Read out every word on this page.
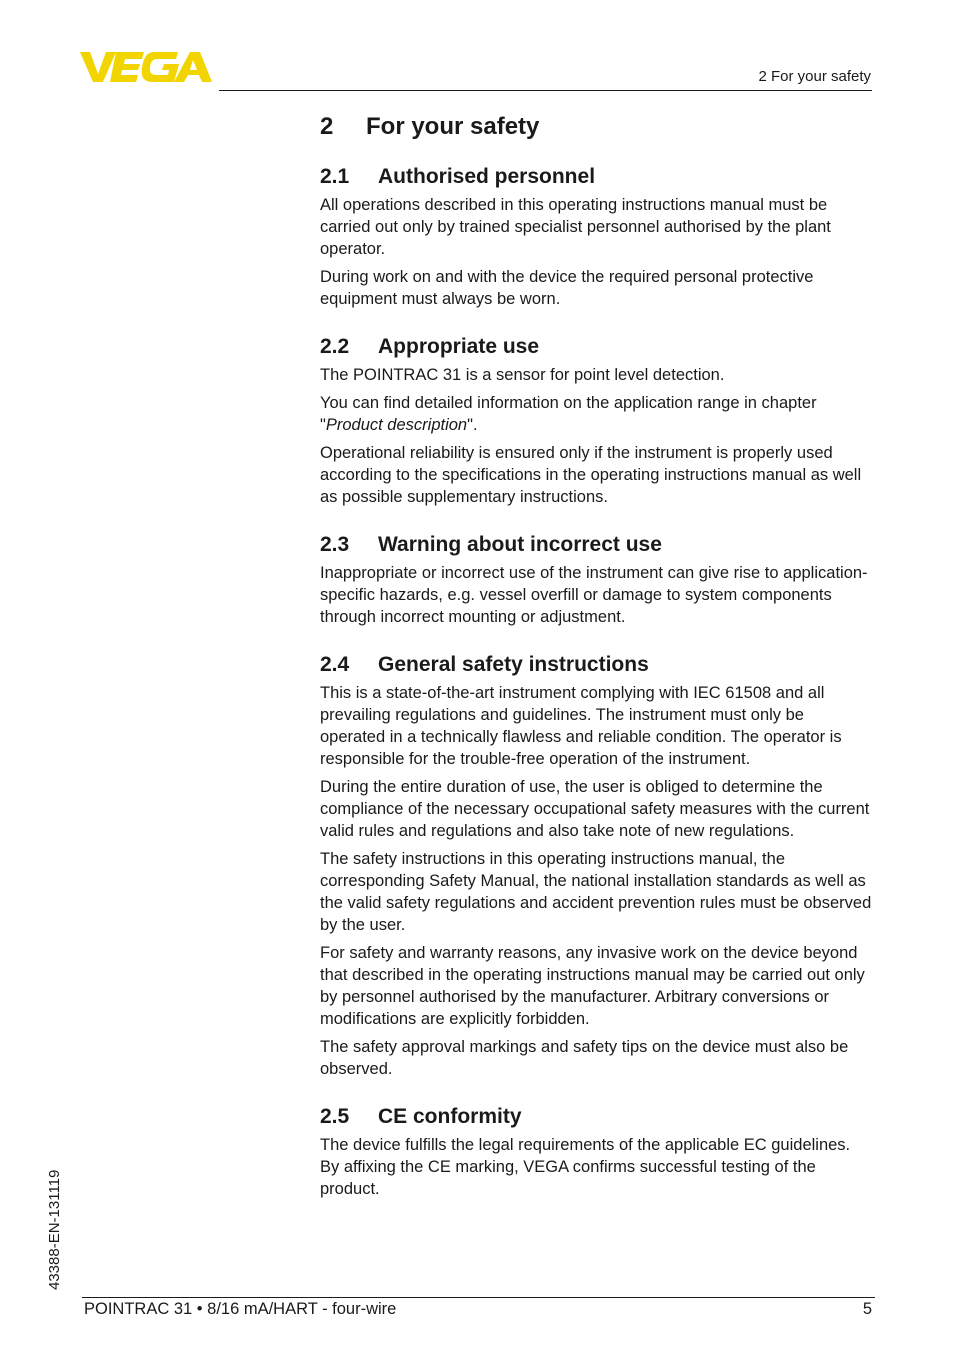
2 For your safety
2	For your safety
2.1	Authorised personnel

All operations described in this operating instructions manual must be carried out only by trained specialist personnel authorised by the plant operator.

During work on and with the device the required personal protective equipment must always be worn.

2.2	Appropriate use

The POINTRAC 31 is a sensor for point level detection.

You can find detailed information on the application range in chapter "Product description".

Operational reliability is ensured only if the instrument is properly used according to the specifications in the operating instructions manual as well as possible supplementary instructions.

2.3	Warning about incorrect use

Inappropriate or incorrect use of the instrument can give rise to application-specific hazards, e.g. vessel overfill or damage to system components through incorrect mounting or adjustment.

2.4	General safety instructions

This is a state-of-the-art instrument complying with IEC 61508 and all prevailing regulations and guidelines. The instrument must only be operated in a technically flawless and reliable condition. The operator is responsible for the trouble-free operation of the instrument.

During the entire duration of use, the user is obliged to determine the compliance of the necessary occupational safety measures with the current valid rules and regulations and also take note of new regulations.

The safety instructions in this operating instructions manual, the corresponding Safety Manual, the national installation standards as well as the valid safety regulations and accident prevention rules must be observed by the user.

For safety and warranty reasons, any invasive work on the device beyond that described in the operating instructions manual may be carried out only by personnel authorised by the manufacturer. Arbitrary conversions or modifications are explicitly forbidden.

The safety approval markings and safety tips on the device must also be observed.

2.5	CE conformity

The device fulfills the legal requirements of the applicable EC guidelines. By affixing the CE marking, VEGA confirms successful testing of the product.

43388-EN-131119
POINTRAC 31 • 8/16 mA/HART - four-wire	5
